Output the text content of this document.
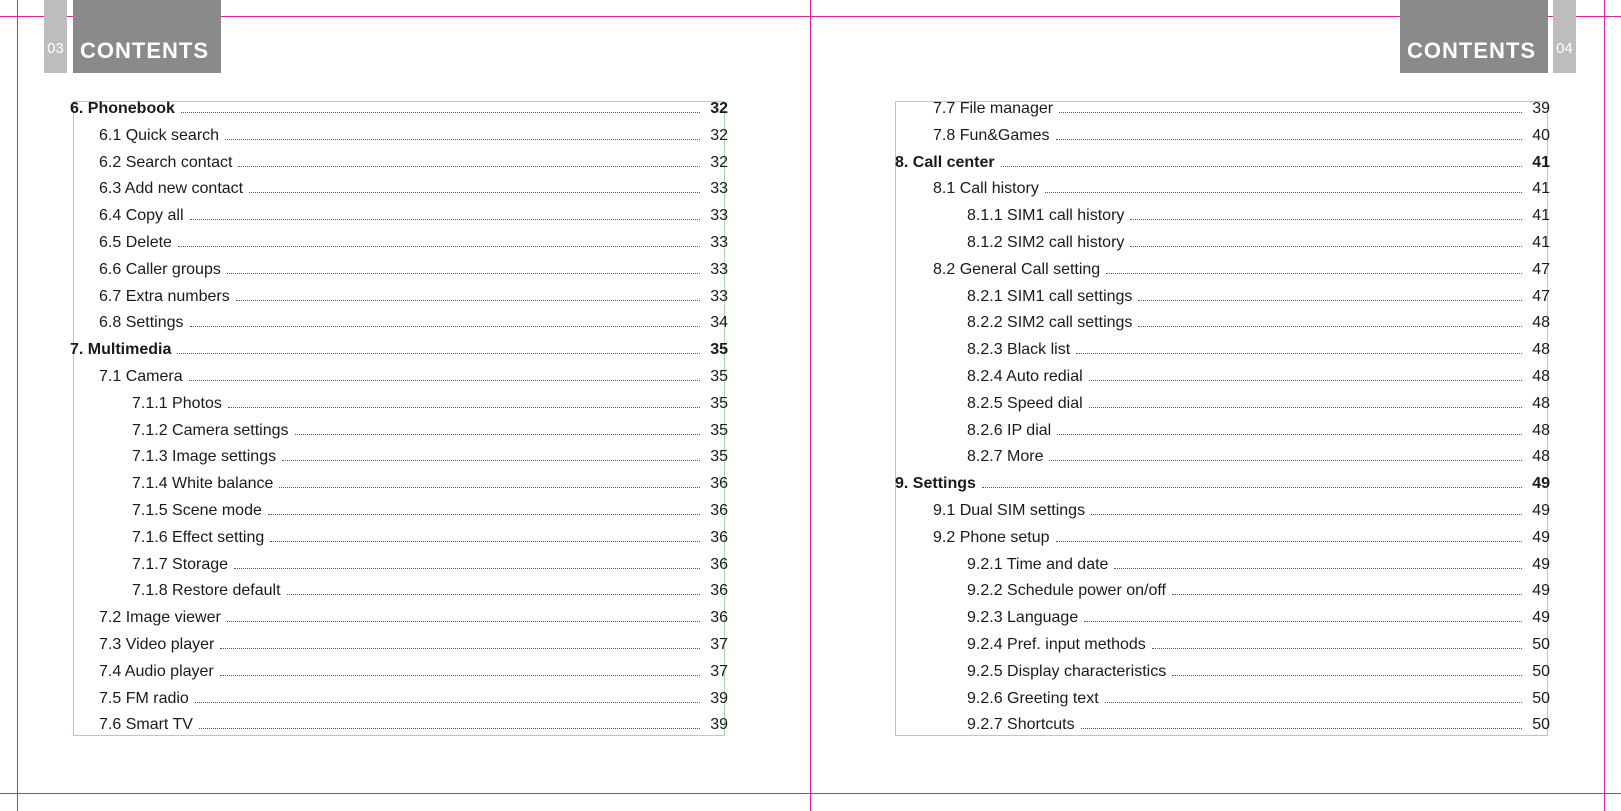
03 CONTENTS	CONTENTS	04
6. Phonebook	32
6.1 Quick search	32
6.2 Search contact	32
6.3 Add new contact	33
6.4 Copy all	33
6.5 Delete	33
6.6 Caller groups	33
6.7 Extra numbers	33
6.8 Settings	34
7. Multimedia	35
7.1 Camera	35
7.1.1 Photos	35
7.1.2 Camera settings	35
7.1.3 Image settings	35
7.1.4 White balance	36
7.1.5 Scene mode	36
7.1.6 Effect setting	36
7.1.7 Storage	36
7.1.8 Restore default	36
7.2 Image viewer	36
7.3 Video player	37
7.4 Audio player	37
7.5 FM radio	39
7.6 Smart TV	39
7.7 File manager	39
7.8 Fun&Games	40
8. Call center	41
8.1 Call history	41
8.1.1 SIM1 call history	41
8.1.2 SIM2 call history	41
8.2 General Call setting	47
8.2.1 SIM1 call settings	47
8.2.2 SIM2 call settings	48
8.2.3 Black list	48
8.2.4 Auto redial	48
8.2.5 Speed dial	48
8.2.6 IP dial	48
8.2.7 More	48
9. Settings	49
9.1 Dual SIM settings	49
9.2 Phone setup	49
9.2.1 Time and date	49
9.2.2 Schedule power on/off	49
9.2.3 Language	49
9.2.4 Pref. input methods	50
9.2.5 Display characteristics	50
9.2.6 Greeting text	50
9.2.7 Shortcuts	50
